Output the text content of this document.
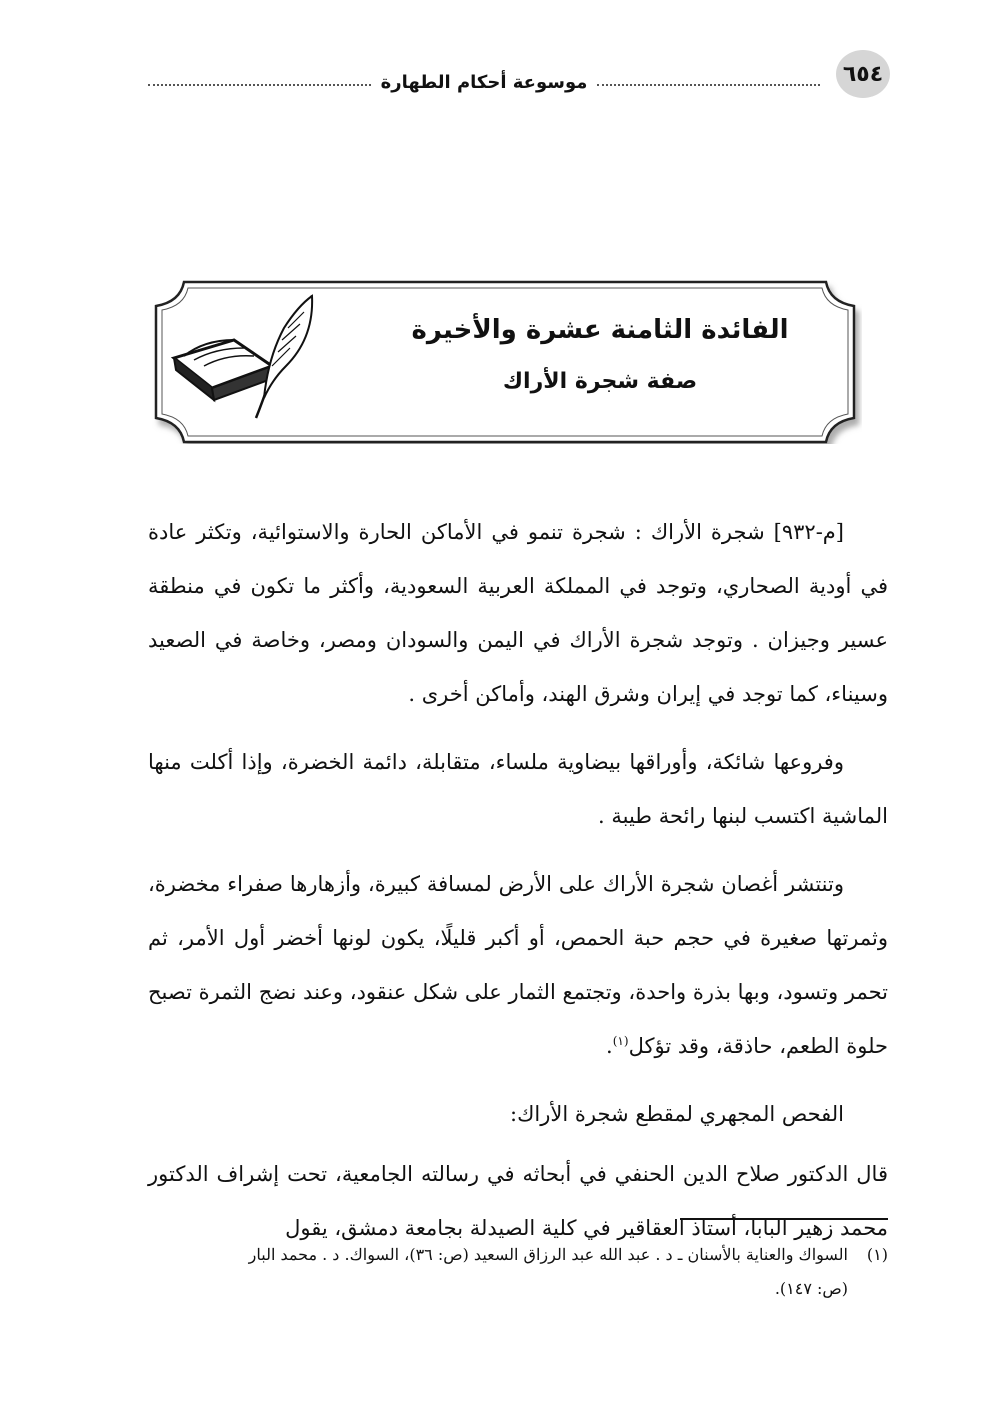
٦٥٤
موسوعة أحكام الطهارة
الفائدة الثامنة عشرة والأخيرة
صفة شجرة الأراك

[م-٩٣٢] شجرة الأراك : شجرة تنمو في الأماكن الحارة والاستوائية، وتكثر عادة في أودية الصحاري، وتوجد في المملكة العربية السعودية، وأكثر ما تكون في منطقة عسير وجيزان . وتوجد شجرة الأراك في اليمن والسودان ومصر، وخاصة في الصعيد وسيناء، كما توجد في إيران وشرق الهند، وأماكن أخرى .

وفروعها شائكة، وأوراقها بيضاوية ملساء، متقابلة، دائمة الخضرة، وإذا أكلت منها الماشية اكتسب لبنها رائحة طيبة .

وتنتشر أغصان شجرة الأراك على الأرض لمسافة كبيرة، وأزهارها صفراء مخضرة، وثمرتها صغيرة في حجم حبة الحمص، أو أكبر قليلًا، يكون لونها أخضر أول الأمر، ثم تحمر وتسود، وبها بذرة واحدة، وتجتمع الثمار على شكل عنقود، وعند نضج الثمرة تصبح حلوة الطعم، حاذقة، وقد تؤكل$^{(١)}$.

الفحص المجهري لمقطع شجرة الأراك:

قال الدكتور صلاح الدين الحنفي في أبحاثه في رسالته الجامعية، تحت إشراف الدكتور محمد زهير البابا، أستاذ العقاقير في كلية الصيدلة بجامعة دمشق، يقول

(١)السواك والعناية بالأسنان ـ د . عبد الله عبد الرزاق السعيد (ص: ٣٦)، السواك. د . محمد البار
(ص: ١٤٧).
